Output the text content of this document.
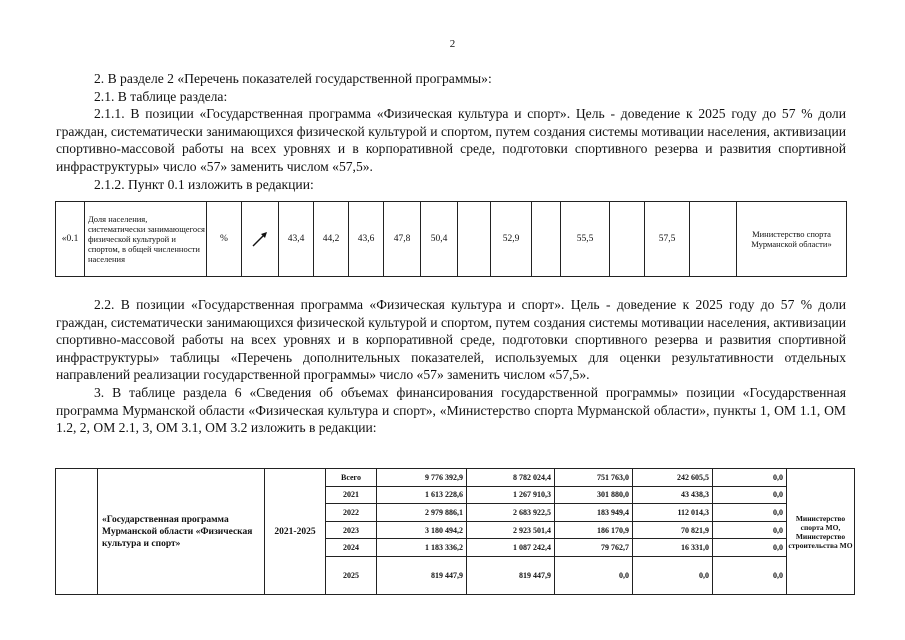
2

2. В разделе 2 «Перечень показателей государственной программы»:

2.1. В таблице раздела:

2.1.1. В позиции «Государственная программа «Физическая культура и спорт». Цель - доведение к 2025 году до 57 % доли граждан, систематически занимающихся физической культурой и спортом, путем создания системы мотивации населения, активизации спортивно-массовой работы на всех уровнях и в корпоративной среде, подготовки спортивного резерва и развития спортивной инфраструктуры» число «57» заменить числом «57,5».

2.1.2. Пункт 0.1 изложить в редакции:

«0.1	Доля населения, систематически занимающегося физической культурой и спортом, в общей численности населения	%		43,4	44,2	43,6	47,8	50,4		52,9		55,5		57,5		Министерство спорта Мурманской области»

2.2. В позиции «Государственная программа «Физическая культура и спорт». Цель - доведение к 2025 году до 57 % доли граждан, систематически занимающихся физической культурой и спортом, путем создания системы мотивации населения, активизации спортивно-массовой работы на всех уровнях и в корпоративной среде, подготовки спортивного резерва и развития спортивной инфраструктуры» таблицы «Перечень дополнительных показателей, используемых для оценки результативности отдельных направлений реализации государственной программы» число «57» заменить числом «57,5».

3. В таблице раздела 6 «Сведения об объемах финансирования государственной программы» позиции «Государственная программа Мурманской области «Физическая культура и спорт», «Министерство спорта Мурманской области», пункты 1, ОМ 1.1, ОМ 1.2, 2, ОМ 2.1, 3, ОМ 3.1, ОМ 3.2 изложить в редакции:

	«Государственная программа Мурманской области «Физическая культура и спорт»	2021-2025	Всего	9 776 392,9	8 782 024,4	751 763,0	242 605,5	0,0	Министерство спорта МО, Министерство строительства МО
			2021	1 613 228,6	1 267 910,3	301 880,0	43 438,3	0,0	
			2022	2 979 886,1	2 683 922,5	183 949,4	112 014,3	0,0	
			2023	3 180 494,2	2 923 501,4	186 170,9	70 821,9	0,0	
			2024	1 183 336,2	1 087 242,4	79 762,7	16 331,0	0,0	
			2025	819 447,9	819 447,9	0,0	0,0	0,0	
